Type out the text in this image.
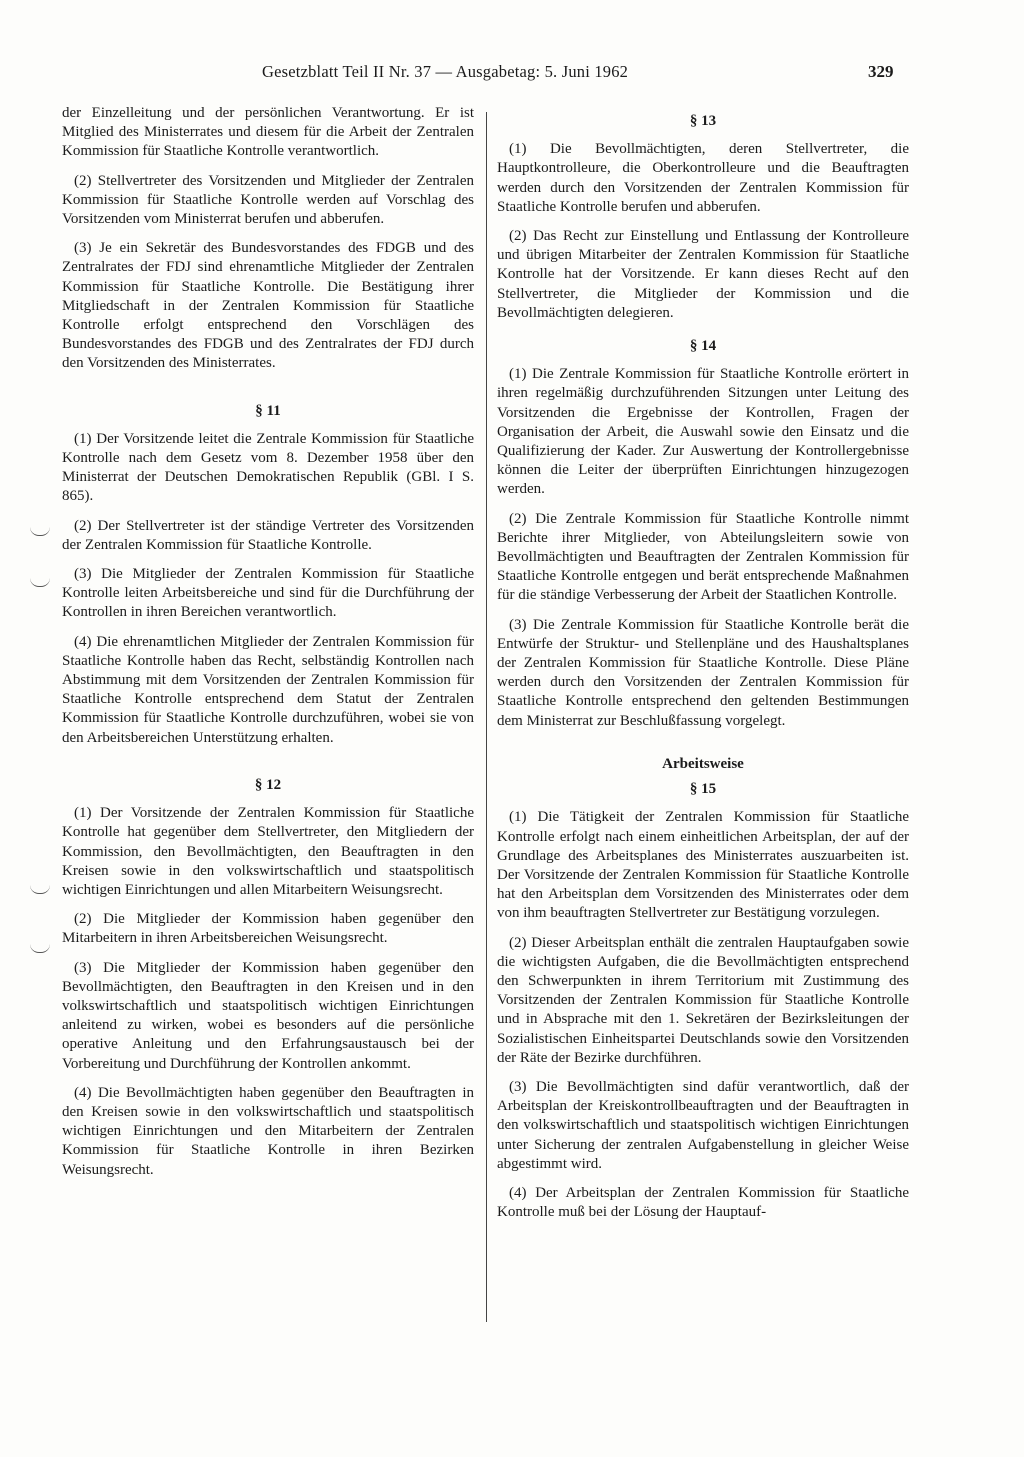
Gesetzblatt Teil II Nr. 37 — Ausgabetag: 5. Juni 1962	329

der Einzelleitung und der persönlichen Verantwortung. Er ist Mitglied des Ministerrates und diesem für die Arbeit der Zentralen Kommission für Staatliche Kontrolle verantwortlich.

(2) Stellvertreter des Vorsitzenden und Mitglieder der Zentralen Kommission für Staatliche Kontrolle werden auf Vorschlag des Vorsitzenden vom Ministerrat berufen und abberufen.

(3) Je ein Sekretär des Bundesvorstandes des FDGB und des Zentralrates der FDJ sind ehrenamtliche Mitglieder der Zentralen Kommission für Staatliche Kontrolle. Die Bestätigung ihrer Mitgliedschaft in der Zentralen Kommission für Staatliche Kontrolle erfolgt entsprechend den Vorschlägen des Bundesvorstandes des FDGB und des Zentralrates der FDJ durch den Vorsitzenden des Ministerrates.

§ 11

(1) Der Vorsitzende leitet die Zentrale Kommission für Staatliche Kontrolle nach dem Gesetz vom 8. Dezember 1958 über den Ministerrat der Deutschen Demokratischen Republik (GBl. I S. 865).

(2) Der Stellvertreter ist der ständige Vertreter des Vorsitzenden der Zentralen Kommission für Staatliche Kontrolle.

(3) Die Mitglieder der Zentralen Kommission für Staatliche Kontrolle leiten Arbeitsbereiche und sind für die Durchführung der Kontrollen in ihren Bereichen verantwortlich.

(4) Die ehrenamtlichen Mitglieder der Zentralen Kommission für Staatliche Kontrolle haben das Recht, selbständig Kontrollen nach Abstimmung mit dem Vorsitzenden der Zentralen Kommission für Staatliche Kontrolle entsprechend dem Statut der Zentralen Kommission für Staatliche Kontrolle durchzuführen, wobei sie von den Arbeitsbereichen Unterstützung erhalten.

§ 12

(1) Der Vorsitzende der Zentralen Kommission für Staatliche Kontrolle hat gegenüber dem Stellvertreter, den Mitgliedern der Kommission, den Bevollmächtigten, den Beauftragten in den Kreisen sowie in den volkswirtschaftlich und staatspolitisch wichtigen Einrichtungen und allen Mitarbeitern Weisungsrecht.

(2) Die Mitglieder der Kommission haben gegenüber den Mitarbeitern in ihren Arbeitsbereichen Weisungsrecht.

(3) Die Mitglieder der Kommission haben gegenüber den Bevollmächtigten, den Beauftragten in den Kreisen und in den volkswirtschaftlich und staatspolitisch wichtigen Einrichtungen anleitend zu wirken, wobei es besonders auf die persönliche operative Anleitung und den Erfahrungsaustausch bei der Vorbereitung und Durchführung der Kontrollen ankommt.

(4) Die Bevollmächtigten haben gegenüber den Beauftragten in den Kreisen sowie in den volkswirtschaftlich und staatspolitisch wichtigen Einrichtungen und den Mitarbeitern der Zentralen Kommission für Staatliche Kontrolle in ihren Bezirken Weisungsrecht.

§ 13

(1) Die Bevollmächtigten, deren Stellvertreter, die Hauptkontrolleure, die Oberkontrolleure und die Beauftragten werden durch den Vorsitzenden der Zentralen Kommission für Staatliche Kontrolle berufen und abberufen.

(2) Das Recht zur Einstellung und Entlassung der Kontrolleure und übrigen Mitarbeiter der Zentralen Kommission für Staatliche Kontrolle hat der Vorsitzende. Er kann dieses Recht auf den Stellvertreter, die Mitglieder der Kommission und die Bevollmächtigten delegieren.

§ 14

(1) Die Zentrale Kommission für Staatliche Kontrolle erörtert in ihren regelmäßig durchzuführenden Sitzungen unter Leitung des Vorsitzenden die Ergebnisse der Kontrollen, Fragen der Organisation der Arbeit, die Auswahl sowie den Einsatz und die Qualifizierung der Kader. Zur Auswertung der Kontrollergebnisse können die Leiter der überprüften Einrichtungen hinzugezogen werden.

(2) Die Zentrale Kommission für Staatliche Kontrolle nimmt Berichte ihrer Mitglieder, von Abteilungsleitern sowie von Bevollmächtigten und Beauftragten der Zentralen Kommission für Staatliche Kontrolle entgegen und berät entsprechende Maßnahmen für die ständige Verbesserung der Arbeit der Staatlichen Kontrolle.

(3) Die Zentrale Kommission für Staatliche Kontrolle berät die Entwürfe der Struktur- und Stellenpläne und des Haushaltsplanes der Zentralen Kommission für Staatliche Kontrolle. Diese Pläne werden durch den Vorsitzenden der Zentralen Kommission für Staatliche Kontrolle entsprechend den geltenden Bestimmungen dem Ministerrat zur Beschlußfassung vorgelegt.

Arbeitsweise
§ 15

(1) Die Tätigkeit der Zentralen Kommission für Staatliche Kontrolle erfolgt nach einem einheitlichen Arbeitsplan, der auf der Grundlage des Arbeitsplanes des Ministerrates auszuarbeiten ist. Der Vorsitzende der Zentralen Kommission für Staatliche Kontrolle hat den Arbeitsplan dem Vorsitzenden des Ministerrates oder dem von ihm beauftragten Stellvertreter zur Bestätigung vorzulegen.

(2) Dieser Arbeitsplan enthält die zentralen Hauptaufgaben sowie die wichtigsten Aufgaben, die die Bevollmächtigten entsprechend den Schwerpunkten in ihrem Territorium mit Zustimmung des Vorsitzenden der Zentralen Kommission für Staatliche Kontrolle und in Absprache mit den 1. Sekretären der Bezirksleitungen der Sozialistischen Einheitspartei Deutschlands sowie den Vorsitzenden der Räte der Bezirke durchführen.

(3) Die Bevollmächtigten sind dafür verantwortlich, daß der Arbeitsplan der Kreiskontrollbeauftragten und der Beauftragten in den volkswirtschaftlich und staatspolitisch wichtigen Einrichtungen unter Sicherung der zentralen Aufgabenstellung in gleicher Weise abgestimmt wird.

(4) Der Arbeitsplan der Zentralen Kommission für Staatliche Kontrolle muß bei der Lösung der Hauptauf-
